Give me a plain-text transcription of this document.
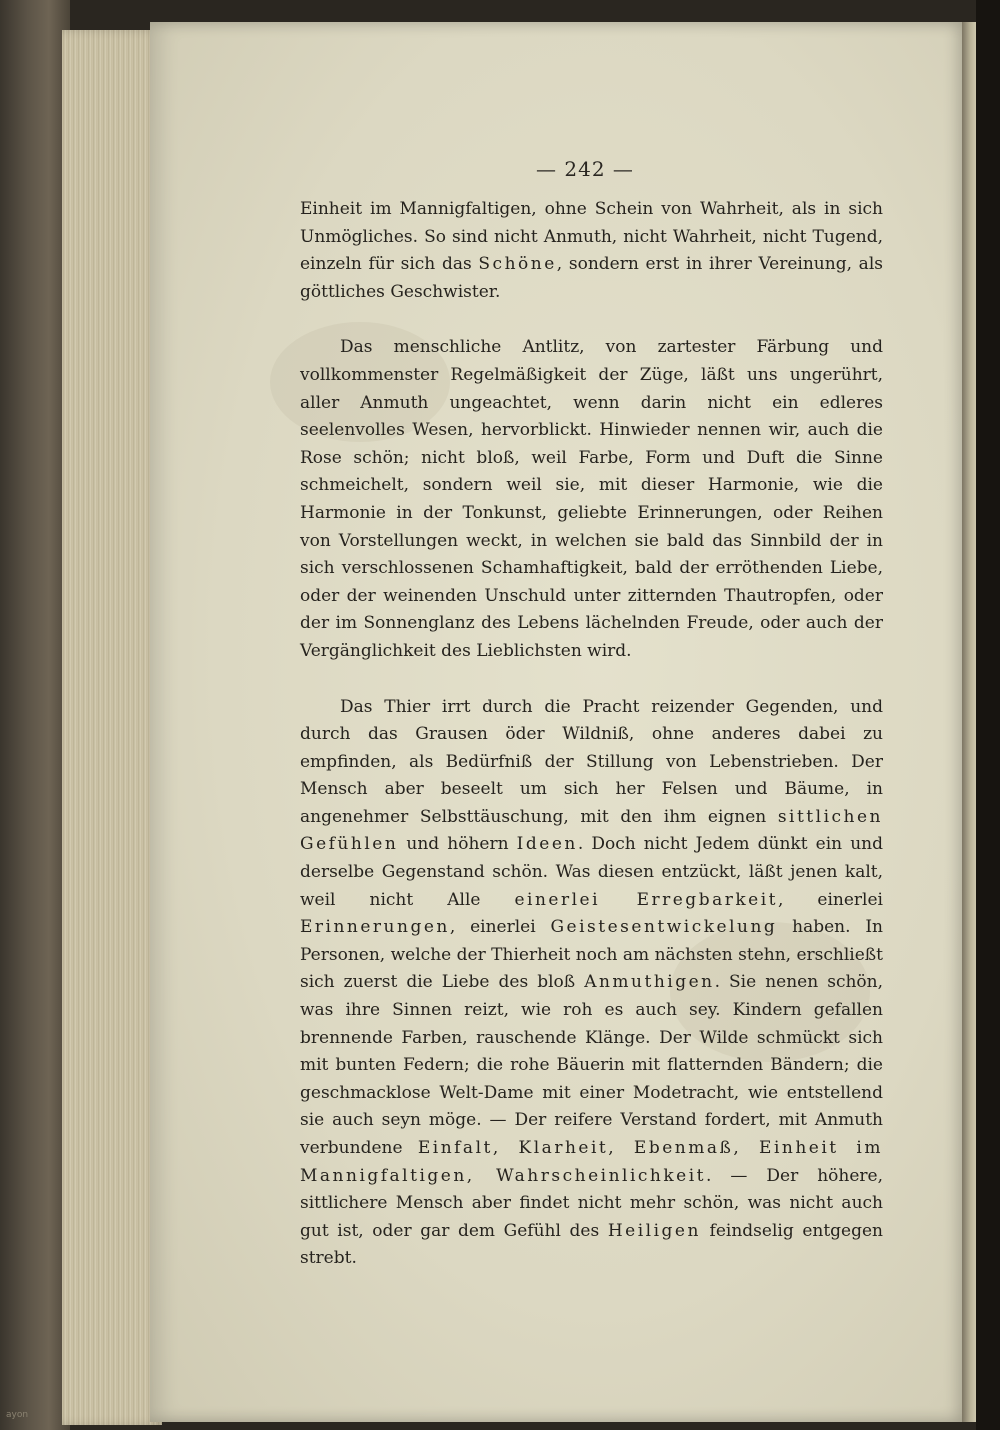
— 242 —

Einheit im Mannigfaltigen, ohne Schein von Wahrheit, als in sich Unmögliches. So sind nicht Anmuth, nicht Wahrheit, nicht Tugend, einzeln für sich das Schöne, sondern erst in ihrer Vereinung, als göttliches Geschwister.

Das menschliche Antlitz, von zartester Färbung und vollkommenster Regelmäßigkeit der Züge, läßt uns ungerührt, aller Anmuth ungeachtet, wenn darin nicht ein edleres seelenvolles Wesen, hervorblickt. Hinwieder nennen wir, auch die Rose schön; nicht bloß, weil Farbe, Form und Duft die Sinne schmeichelt, sondern weil sie, mit dieser Harmonie, wie die Harmonie in der Tonkunst, geliebte Erinnerungen, oder Reihen von Vorstellungen weckt, in welchen sie bald das Sinnbild der in sich verschlossenen Schamhaftigkeit, bald der erröthenden Liebe, oder der weinenden Unschuld unter zitternden Thautropfen, oder der im Sonnenglanz des Lebens lächelnden Freude, oder auch der Vergänglichkeit des Lieblichsten wird.

Das Thier irrt durch die Pracht reizender Gegenden, und durch das Grausen öder Wildniß, ohne anderes dabei zu empfinden, als Bedürfniß der Stillung von Lebenstrieben. Der Mensch aber beseelt um sich her Felsen und Bäume, in angenehmer Selbsttäuschung, mit den ihm eignen sittlichen Gefühlen und höhern Ideen. Doch nicht Jedem dünkt ein und derselbe Gegenstand schön. Was diesen entzückt, läßt jenen kalt, weil nicht Alle einerlei Erregbarkeit, einerlei Erinnerungen, einerlei Geistesentwickelung haben. In Personen, welche der Thierheit noch am nächsten stehn, erschließt sich zuerst die Liebe des bloß Anmuthigen. Sie nenen schön, was ihre Sinnen reizt, wie roh es auch sey. Kindern gefallen brennende Farben, rauschende Klänge. Der Wilde schmückt sich mit bunten Federn; die rohe Bäuerin mit flatternden Bändern; die geschmacklose Welt‑Dame mit einer Modetracht, wie entstellend sie auch seyn möge. — Der reifere Verstand fordert, mit Anmuth verbundene Einfalt, Klarheit, Ebenmaß, Einheit im Mannigfaltigen, Wahrscheinlichkeit. — Der höhere, sittlichere Mensch aber findet nicht mehr schön, was nicht auch gut ist, oder gar dem Gefühl des Heiligen feindselig entgegen strebt.

ayon
